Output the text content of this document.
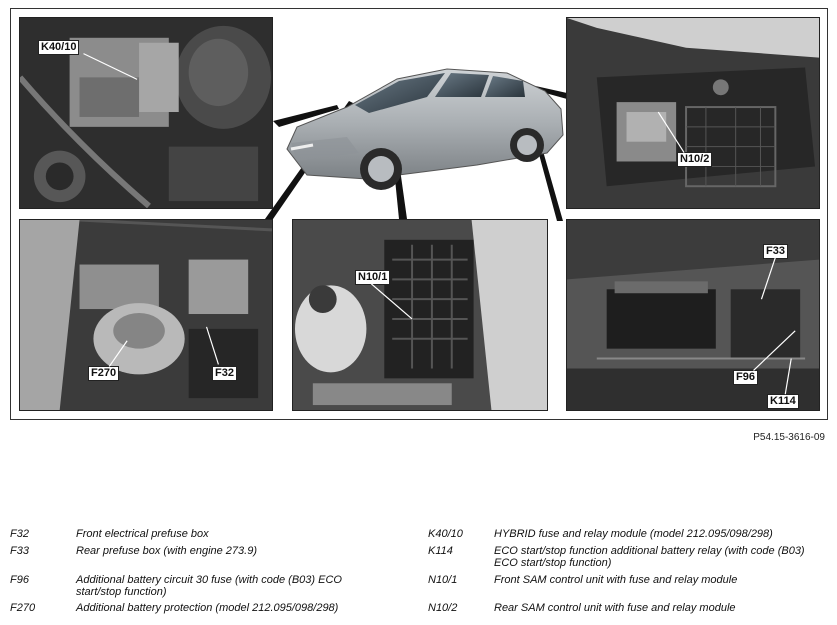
K40/10
N10/2
F270	F32
N10/1
F33
F96
K114
P54.15-3616-09
F32	Front electrical prefuse box
F33	Rear prefuse box (with engine 273.9)
F96	Additional battery circuit 30 fuse (with code (B03) ECO start/stop function)
F270	Additional battery protection (model 212.095/098/298)
K40/10	HYBRID fuse and relay module (model 212.095/098/298)
K114	ECO start/stop function additional battery relay (with code (B03) ECO start/stop function)
N10/1	Front SAM control unit with fuse and relay module
N10/2	Rear SAM control unit with fuse and relay module
